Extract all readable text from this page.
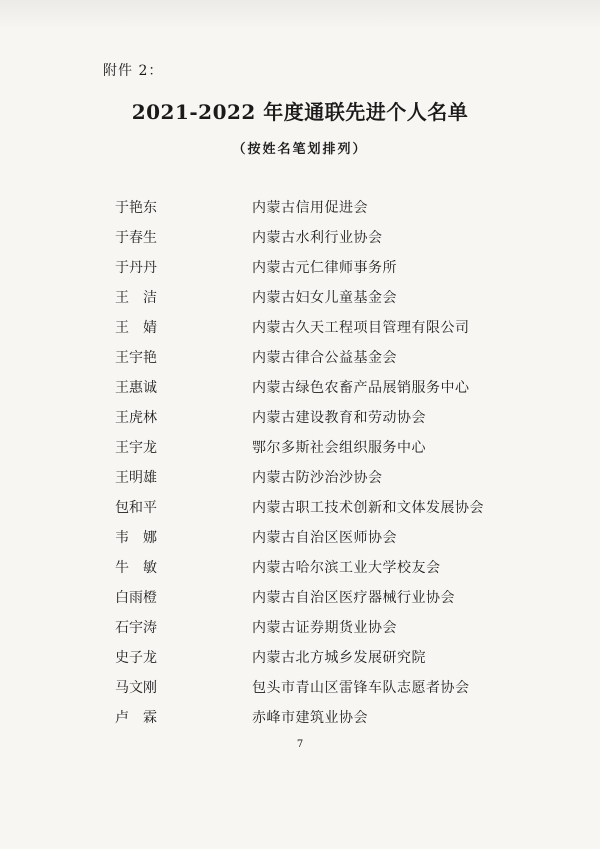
附件 2：
2021-2022 年度通联先进个人名单
（按姓名笔划排列）
于艳东	内蒙古信用促进会
于春生	内蒙古水利行业协会
于丹丹	内蒙古元仁律师事务所
王　洁	内蒙古妇女儿童基金会
王　婧	内蒙古久天工程项目管理有限公司
王宇艳	内蒙古律合公益基金会
王惠诚	内蒙古绿色农畜产品展销服务中心
王虎林	内蒙古建设教育和劳动协会
王宇龙	鄂尔多斯社会组织服务中心
王明雄	内蒙古防沙治沙协会
包和平	内蒙古职工技术创新和文体发展协会
韦　娜	内蒙古自治区医师协会
牛　敏	内蒙古哈尔滨工业大学校友会
白雨橙	内蒙古自治区医疗器械行业协会
石宇涛	内蒙古证券期货业协会
史子龙	内蒙古北方城乡发展研究院
马文刚	包头市青山区雷锋车队志愿者协会
卢　霖	赤峰市建筑业协会
7
